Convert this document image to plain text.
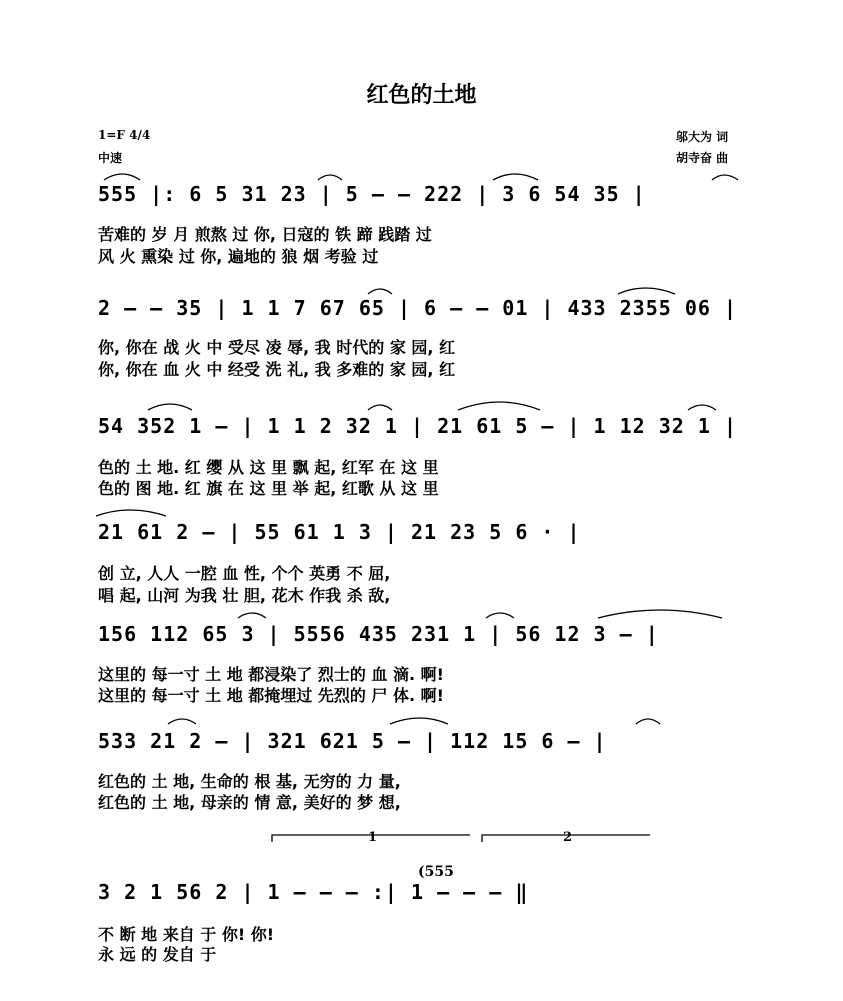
红色的土地
1=F 4/4
中速
邬大为 词
胡寺奋 曲
555 |: 6 5 31 23 | 5 — — 222 | 3 6 54 35 |
苦难的 岁 月 煎熬 过 你, 日寇的 铁 蹄 践踏 过
风 火 熏染 过 你, 遍地的 狼 烟 考验 过
2 — — 35 | 1 1 7 67 65 | 6 — — 01 | 433 2355 06 |
你, 你在 战 火 中 受尽 凌 辱, 我 时代的 家 园, 红
你, 你在 血 火 中 经受 洗 礼, 我 多难的 家 园, 红
54 352 1 — | 1 1 2 32 1 | 21 61 5 — | 1 12 32 1 |
色的 土 地. 红 缨 从 这 里 飘 起, 红军 在 这 里
色的 图 地. 红 旗 在 这 里 举 起, 红歌 从 这 里
21 61 2 — | 55 61 1 3 | 21 23 5 6 · |
创 立, 人人 一腔 血 性, 个个 英勇 不 屈,
唱 起, 山河 为我 壮 胆, 花木 作我 杀 敌,
156 112 65 3 | 5556 435 231 1 | 56 12 3 — |
这里的 每一寸 土 地 都浸染了 烈士的 血 滴. 啊!
这里的 每一寸 土 地 都掩埋过 先烈的 尸 体. 啊!
533 21 2 — | 321 621 5 — | 112 15 6 — |
红色的 土 地, 生命的 根 基, 无穷的 力 量,
红色的 土 地, 母亲的 情 意, 美好的 梦 想,
1	2
(555
3 2 1 56 2 | 1 — — — :| 1 — — — ‖
不 断 地 来自 于 你! 你!
永 远 的 发自 于
